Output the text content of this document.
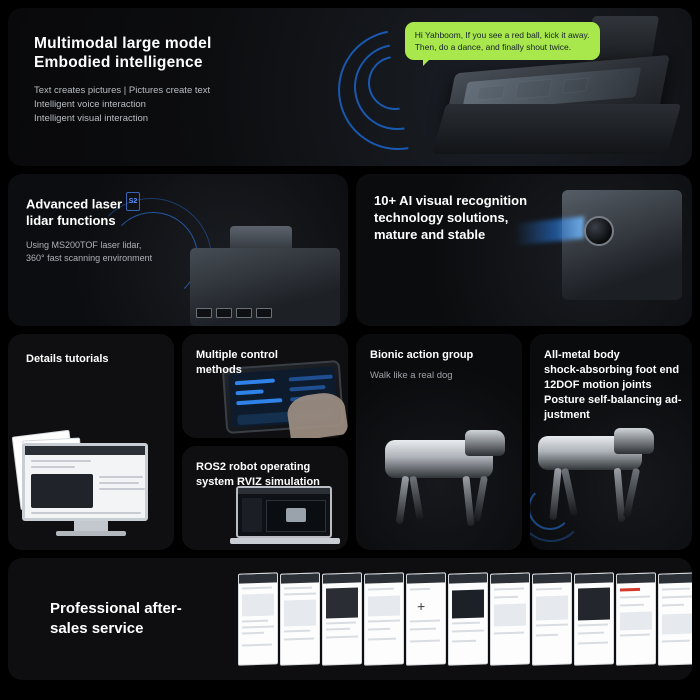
Multimodal large model
Embodied intelligence
Text creates pictures | Pictures create text
Intelligent voice interaction
Intelligent visual interaction
Hi Yahboom, If you see a red ball, kick it away.
Then, do a dance, and finally shout twice.
Advanced laser S2
lidar functions
Using MS200TOF laser lidar,
360° fast scanning environment
10+ AI visual recognition
technology solutions,
mature and stable
Details tutorials	Multiple control
methods
ROS2 robot operating
system RVIZ simulation
Bionic action group
Walk like a real dog
All-metal body
shock-absorbing foot end
12DOF motion joints
Posture self-balancing ad-
justment
Professional after-
sales service
+
